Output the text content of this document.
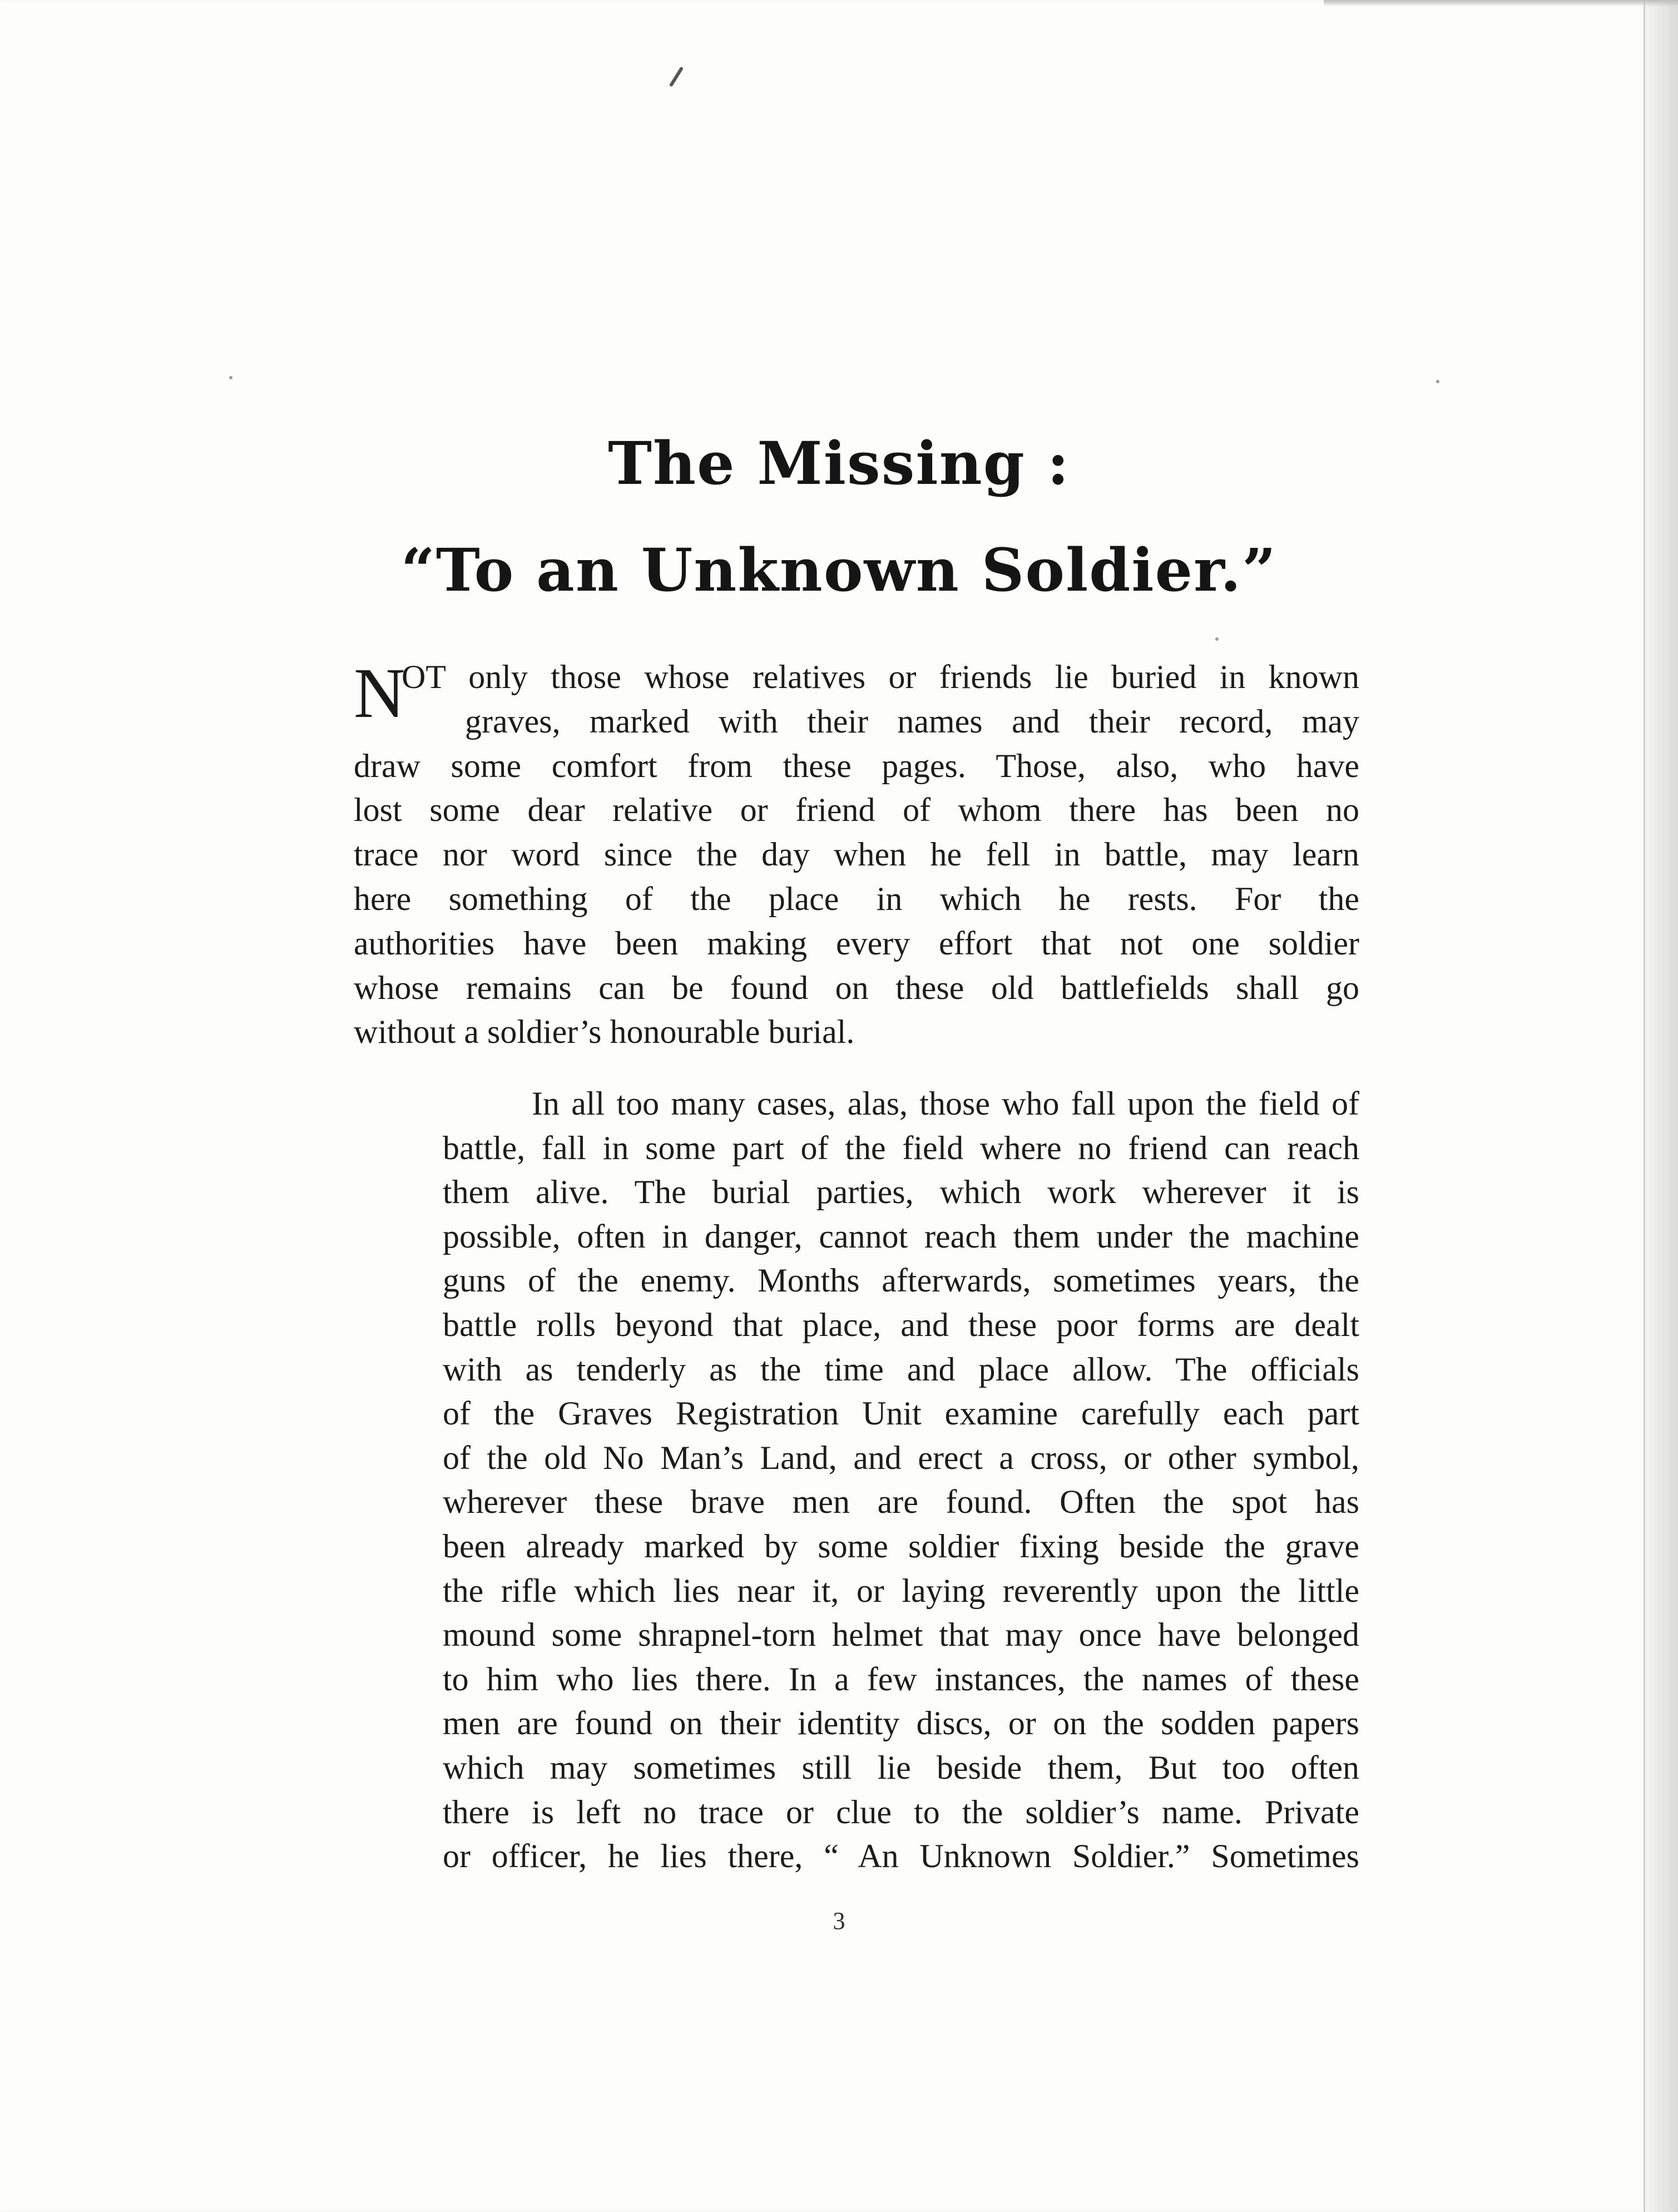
The Missing :
“To an Unknown Soldier.”
N
OT only those whose relatives or friends lie buried in known
graves, marked with their names and their record, may
draw some comfort from these pages. Those, also, who have
lost some dear relative or friend of whom there has been no
trace nor word since the day when he fell in battle, may learn
here something of the place in which he rests. For the
authorities have been making every effort that not one soldier
whose remains can be found on these old battlefields shall go
without a soldier’s honourable burial.
In all too many cases, alas, those who fall upon the field of
battle, fall in some part of the field where no friend can reach
them alive. The burial parties, which work wherever it is
possible, often in danger, cannot reach them under the machine
guns of the enemy. Months afterwards, sometimes years, the
battle rolls beyond that place, and these poor forms are dealt
with as tenderly as the time and place allow. The officials
of the Graves Registration Unit examine carefully each part
of the old No Man’s Land, and erect a cross, or other symbol,
wherever these brave men are found. Often the spot has
been already marked by some soldier fixing beside the grave
the rifle which lies near it, or laying reverently upon the little
mound some shrapnel-torn helmet that may once have belonged
to him who lies there. In a few instances, the names of these
men are found on their identity discs, or on the sodden papers
which may sometimes still lie beside them, But too often
there is left no trace or clue to the soldier’s name. Private
or officer, he lies there, “ An Unknown Soldier.” Sometimes
3
